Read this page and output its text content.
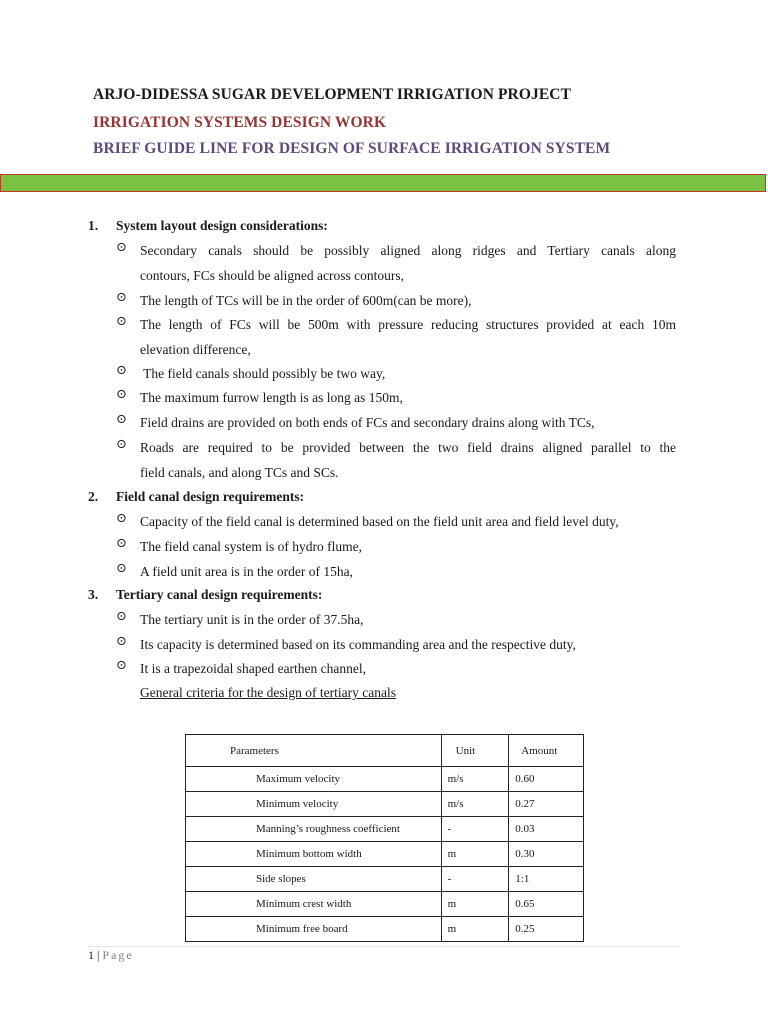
ARJO-DIDESSA SUGAR DEVELOPMENT IRRIGATION PROJECT
IRRIGATION SYSTEMS DESIGN WORK
BRIEF GUIDE LINE FOR DESIGN OF SURFACE IRRIGATION SYSTEM
1. System layout design considerations:
⊙ Secondary canals should be possibly aligned along ridges and Tertiary canals along
contours, FCs should be aligned across contours,
⊙ The length of TCs will be in the order of 600m(can be more),
⊙ The length of FCs will be 500m with pressure reducing structures provided at each 10m
elevation difference,
⊙ The field canals should possibly be two way,
⊙ The maximum furrow length is as long as 150m,
⊙ Field drains are provided on both ends of FCs and secondary drains along with TCs,
⊙ Roads are required to be provided between the two field drains aligned parallel to the
field canals, and along TCs and SCs.
2. Field canal design requirements:
⊙ Capacity of the field canal is determined based on the field unit area and field level duty,
⊙ The field canal system is of hydro flume,
⊙ A field unit area is in the order of 15ha,
3. Tertiary canal design requirements:
⊙ The tertiary unit is in the order of 37.5ha,
⊙ Its capacity is determined based on its commanding area and the respective duty,
⊙ It is a trapezoidal shaped earthen channel,
General criteria for the design of tertiary canals
Parameters	Unit	Amount
Maximum velocity	m/s	0.60
Minimum velocity	m/s	0.27
Manning’s roughness coefficient	-	0.03
Minimum bottom width	m	0.30
Side slopes	-	1:1
Minimum crest width	m	0.65
Minimum free board	m	0.25
1 | Page
